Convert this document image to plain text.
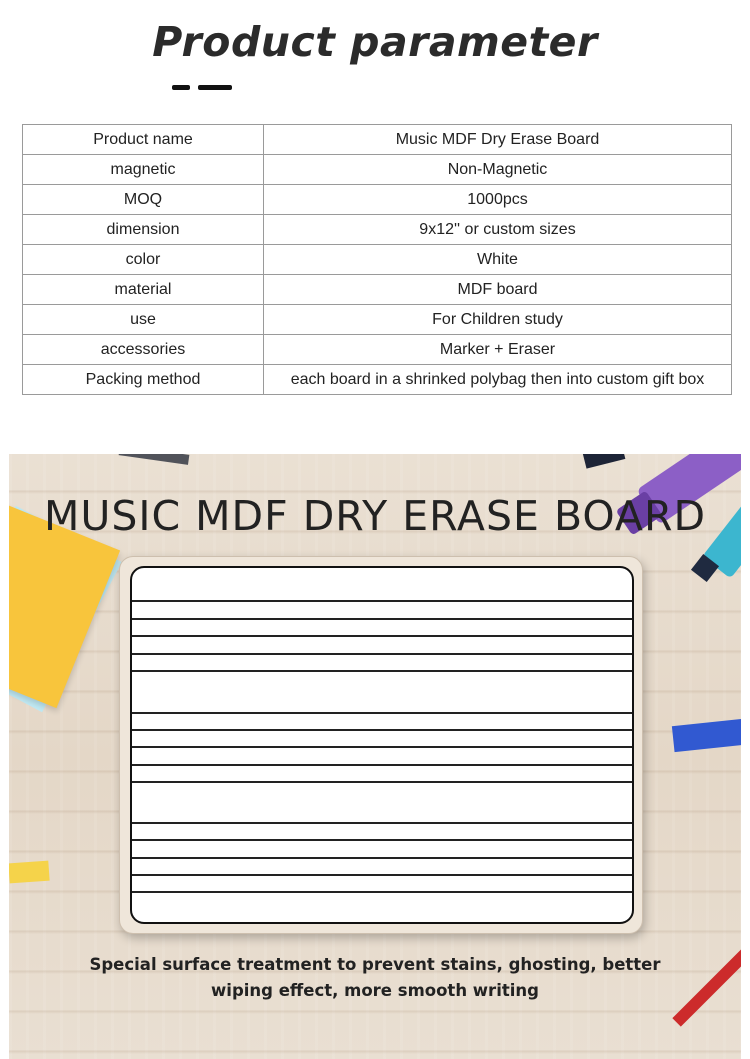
Product parameter
Product name	Music MDF Dry Erase Board
magnetic	Non-Magnetic
MOQ	1000pcs
dimension	9x12'' or custom sizes
color	White
material	MDF board
use	For Children study
accessories	Marker + Eraser
Packing method	each board in a shrinked polybag then into custom gift box
MUSIC MDF DRY ERASE BOARD
Special surface treatment to prevent stains, ghosting, better wiping effect, more smooth writing
